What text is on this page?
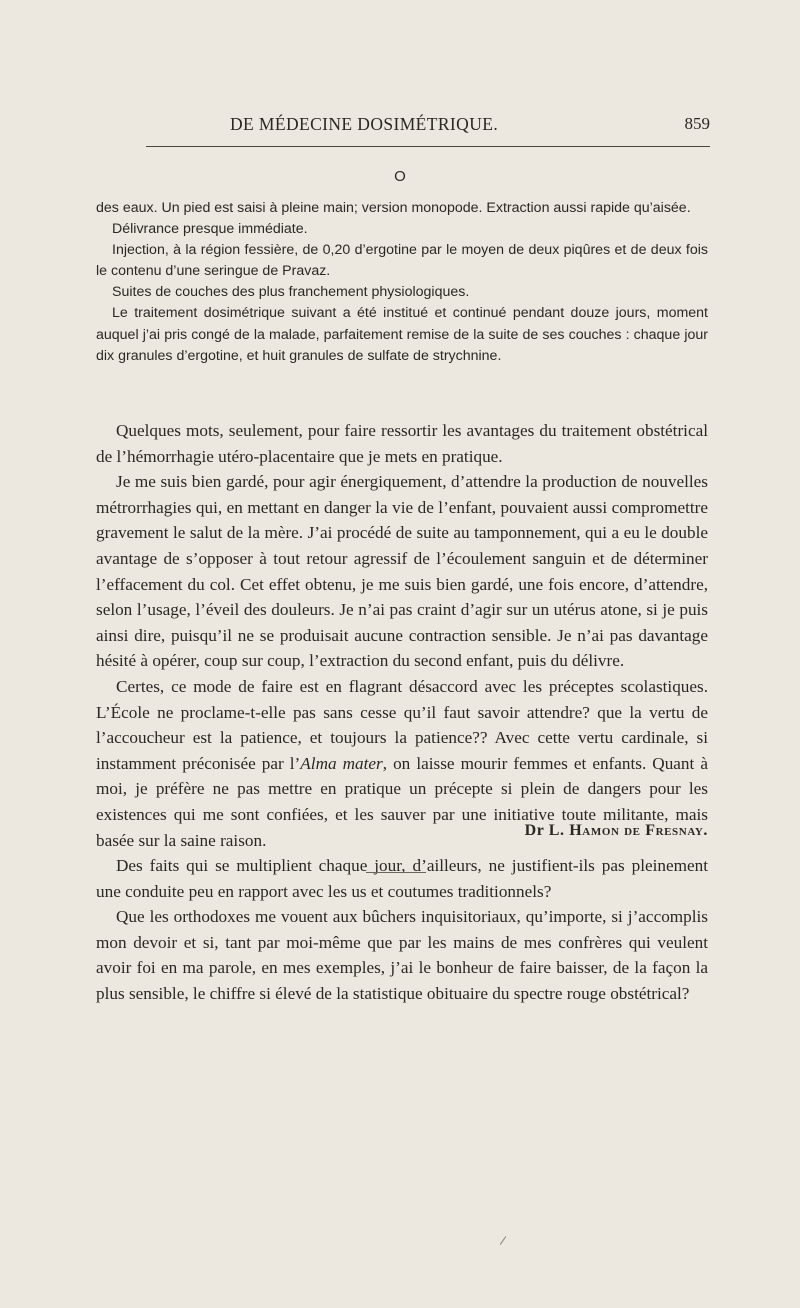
DE MÉDECINE DOSIMÉTRIQUE.	859
O

des eaux. Un pied est saisi à pleine main; version monopode. Extraction aussi rapide qu’aisée.

Délivrance presque immédiate.

Injection, à la région fessière, de 0,20 d’ergotine par le moyen de deux piqûres et de deux fois le contenu d’une seringue de Pravaz.

Suites de couches des plus franchement physiologiques.

Le traitement dosimétrique suivant a été institué et continué pendant douze jours, moment auquel j’ai pris congé de la malade, parfaitement remise de la suite de ses couches : chaque jour dix granules d’ergotine, et huit granules de sulfate de strychnine.

Quelques mots, seulement, pour faire ressortir les avantages du traitement obstétrical de l’hémorrhagie utéro-placentaire que je mets en pratique.

Je me suis bien gardé, pour agir énergiquement, d’attendre la production de nouvelles métrorrhagies qui, en mettant en danger la vie de l’enfant, pouvaient aussi compromettre gravement le salut de la mère. J’ai procédé de suite au tamponnement, qui a eu le double avantage de s’opposer à tout retour agressif de l’écoulement sanguin et de déterminer l’effacement du col. Cet effet obtenu, je me suis bien gardé, une fois encore, d’attendre, selon l’usage, l’éveil des douleurs. Je n’ai pas craint d’agir sur un utérus atone, si je puis ainsi dire, puisqu’il ne se produisait aucune contraction sensible. Je n’ai pas davantage hésité à opérer, coup sur coup, l’extraction du second enfant, puis du délivre.

Certes, ce mode de faire est en flagrant désaccord avec les préceptes scolastiques. L’École ne proclame-t-elle pas sans cesse qu’il faut savoir attendre? que la vertu de l’accoucheur est la patience, et toujours la patience?? Avec cette vertu cardinale, si instamment préconisée par l’Alma mater, on laisse mourir femmes et enfants. Quant à moi, je préfère ne pas mettre en pratique un précepte si plein de dangers pour les existences qui me sont confiées, et les sauver par une initiative toute militante, mais basée sur la saine raison.

Des faits qui se multiplient chaque jour, d’ailleurs, ne justifient-ils pas pleinement une conduite peu en rapport avec les us et coutumes traditionnels?

Que les orthodoxes me vouent aux bûchers inquisitoriaux, qu’importe, si j’accomplis mon devoir et si, tant par moi-même que par les mains de mes confrères qui veulent avoir foi en ma parole, en mes exemples, j’ai le bonheur de faire baisser, de la façon la plus sensible, le chiffre si élevé de la statistique obituaire du spectre rouge obstétrical?

Dr L. Hamon de Fresnay.
